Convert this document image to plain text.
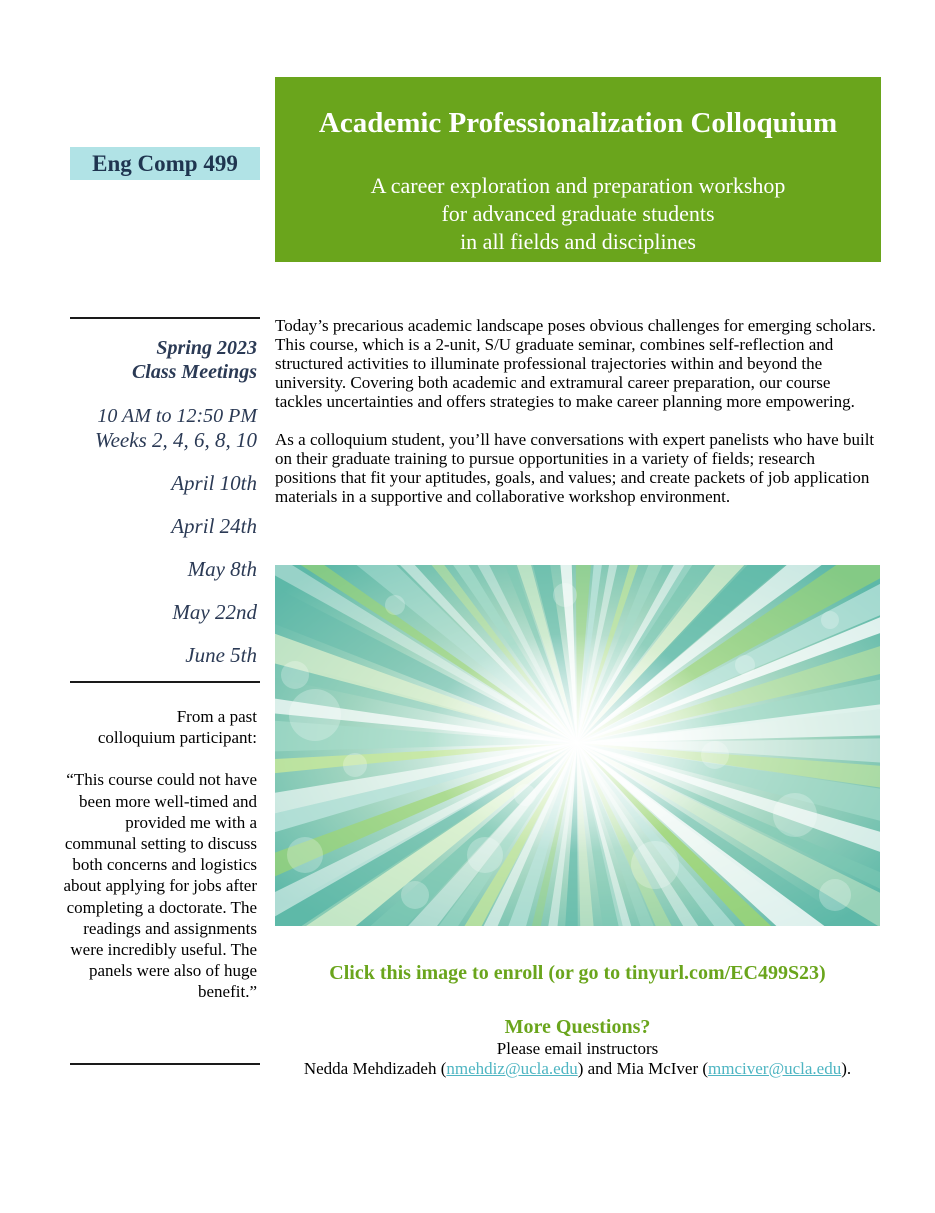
Eng Comp 499
Academic Professionalization Colloquium
A career exploration and preparation workshop
for advanced graduate students
in all fields and disciplines
Spring 2023
Class Meetings
10 AM to 12:50 PM
Weeks 2, 4, 6, 8, 10
April 10th
April 24th
May 8th
May 22nd
June 5th
From a past
colloquium participant:
“This course could not have been more well-timed and provided me with a communal setting to discuss both concerns and logistics about applying for jobs after completing a doctorate. The readings and assignments were incredibly useful. The panels were also of huge benefit.”

Today’s precarious academic landscape poses obvious challenges for emerging scholars. This course, which is a 2-unit, S/U graduate seminar, combines self-reflection and structured activities to illuminate professional trajectories within and beyond the university. Covering both academic and extramural career preparation, our course tackles uncertainties and offers strategies to make career planning more empowering.

As a colloquium student, you’ll have conversations with expert panelists who have built on their graduate training to pursue opportunities in a variety of fields; research positions that fit your aptitudes, goals, and values; and create packets of job application materials in a supportive and collaborative workshop environment.

Click this image to enroll (or go to tinyurl.com/EC499S23)
More Questions?
Please email instructors
Nedda Mehdizadeh (nmehdiz@ucla.edu) and Mia McIver (mmciver@ucla.edu).
